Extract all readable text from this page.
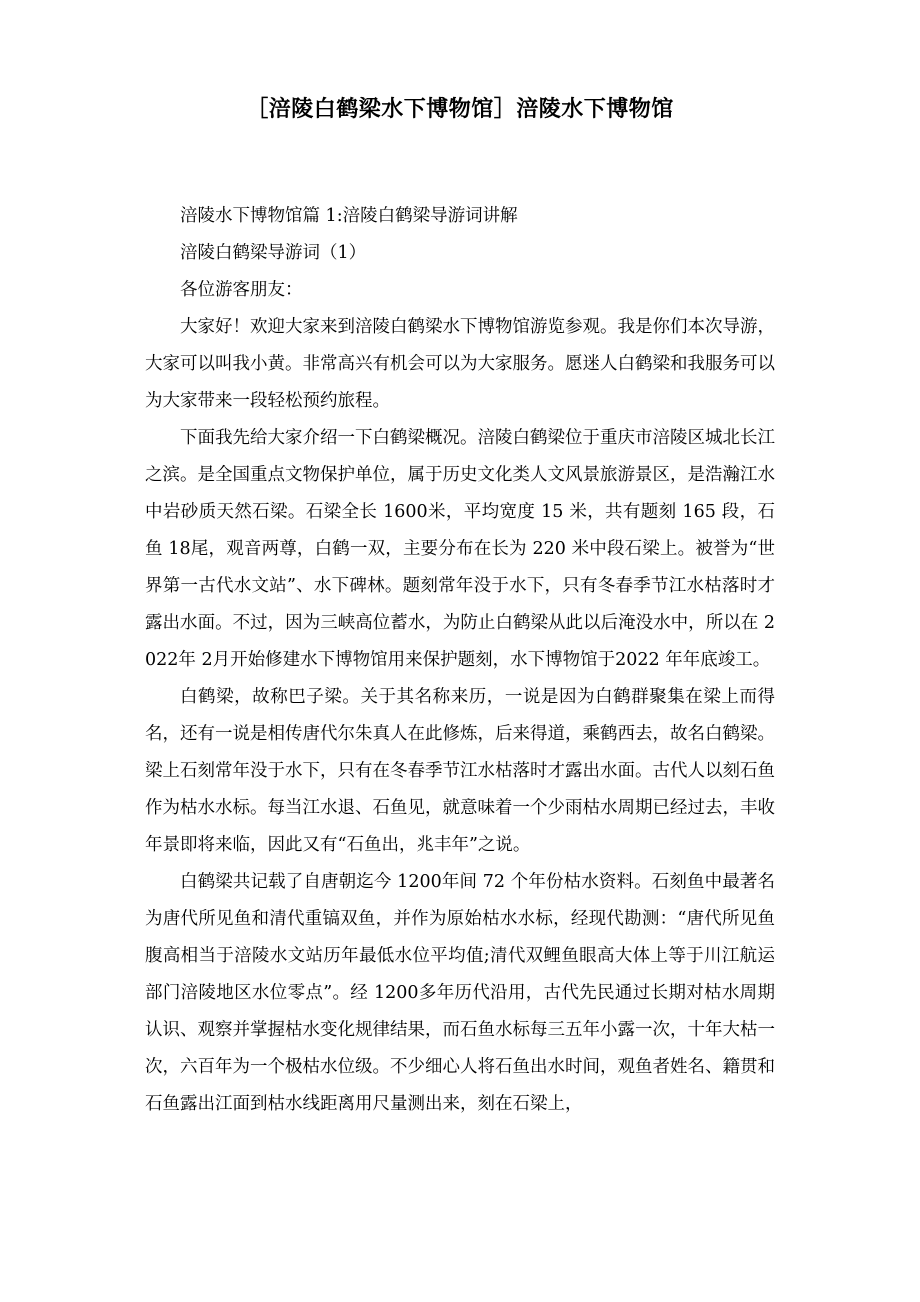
［涪陵白鹤梁水下博物馆］涪陵水下博物馆

涪陵水下博物馆篇 1:涪陵白鹤梁导游词讲解

涪陵白鹤梁导游词（1）

各位游客朋友：

大家好！欢迎大家来到涪陵白鹤梁水下博物馆游览参观。我是你们本次导游，大家可以叫我小黄。非常高兴有机会可以为大家服务。愿迷人白鹤梁和我服务可以为大家带来一段轻松预约旅程。

下面我先给大家介绍一下白鹤梁概况。涪陵白鹤梁位于重庆市涪陵区城北长江之滨。是全国重点文物保护单位，属于历史文化类人文风景旅游景区，是浩瀚江水中岩砂质天然石梁。石梁全长 1600米，平均宽度 15 米，共有题刻 165 段，石鱼 18尾，观音两尊，白鹤一双，主要分布在长为 220 米中段石梁上。被誉为“世界第一古代水文站”、水下碑林。题刻常年没于水下，只有冬春季节江水枯落时才露出水面。不过，因为三峡高位蓄水，为防止白鹤梁从此以后淹没水中，所以在 2022年 2月开始修建水下博物馆用来保护题刻，水下博物馆于2022 年年底竣工。

白鹤梁，故称巴子梁。关于其名称来历，一说是因为白鹤群聚集在梁上而得名，还有一说是相传唐代尔朱真人在此修炼，后来得道，乘鹤西去，故名白鹤梁。梁上石刻常年没于水下，只有在冬春季节江水枯落时才露出水面。古代人以刻石鱼作为枯水水标。每当江水退、石鱼见，就意味着一个少雨枯水周期已经过去，丰收年景即将来临，因此又有“石鱼出，兆丰年”之说。

白鹤梁共记载了自唐朝迄今 1200年间 72 个年份枯水资料。石刻鱼中最著名为唐代所见鱼和清代重镐双鱼，并作为原始枯水水标，经现代勘测：“唐代所见鱼腹高相当于涪陵水文站历年最低水位平均值;清代双鲤鱼眼高大体上等于川江航运部门涪陵地区水位零点”。经 1200多年历代沿用，古代先民通过长期对枯水周期认识、观察并掌握枯水变化规律结果，而石鱼水标每三五年小露一次，十年大枯一次，六百年为一个极枯水位级。不少细心人将石鱼出水时间，观鱼者姓名、籍贯和石鱼露出江面到枯水线距离用尺量测出来，刻在石梁上，
